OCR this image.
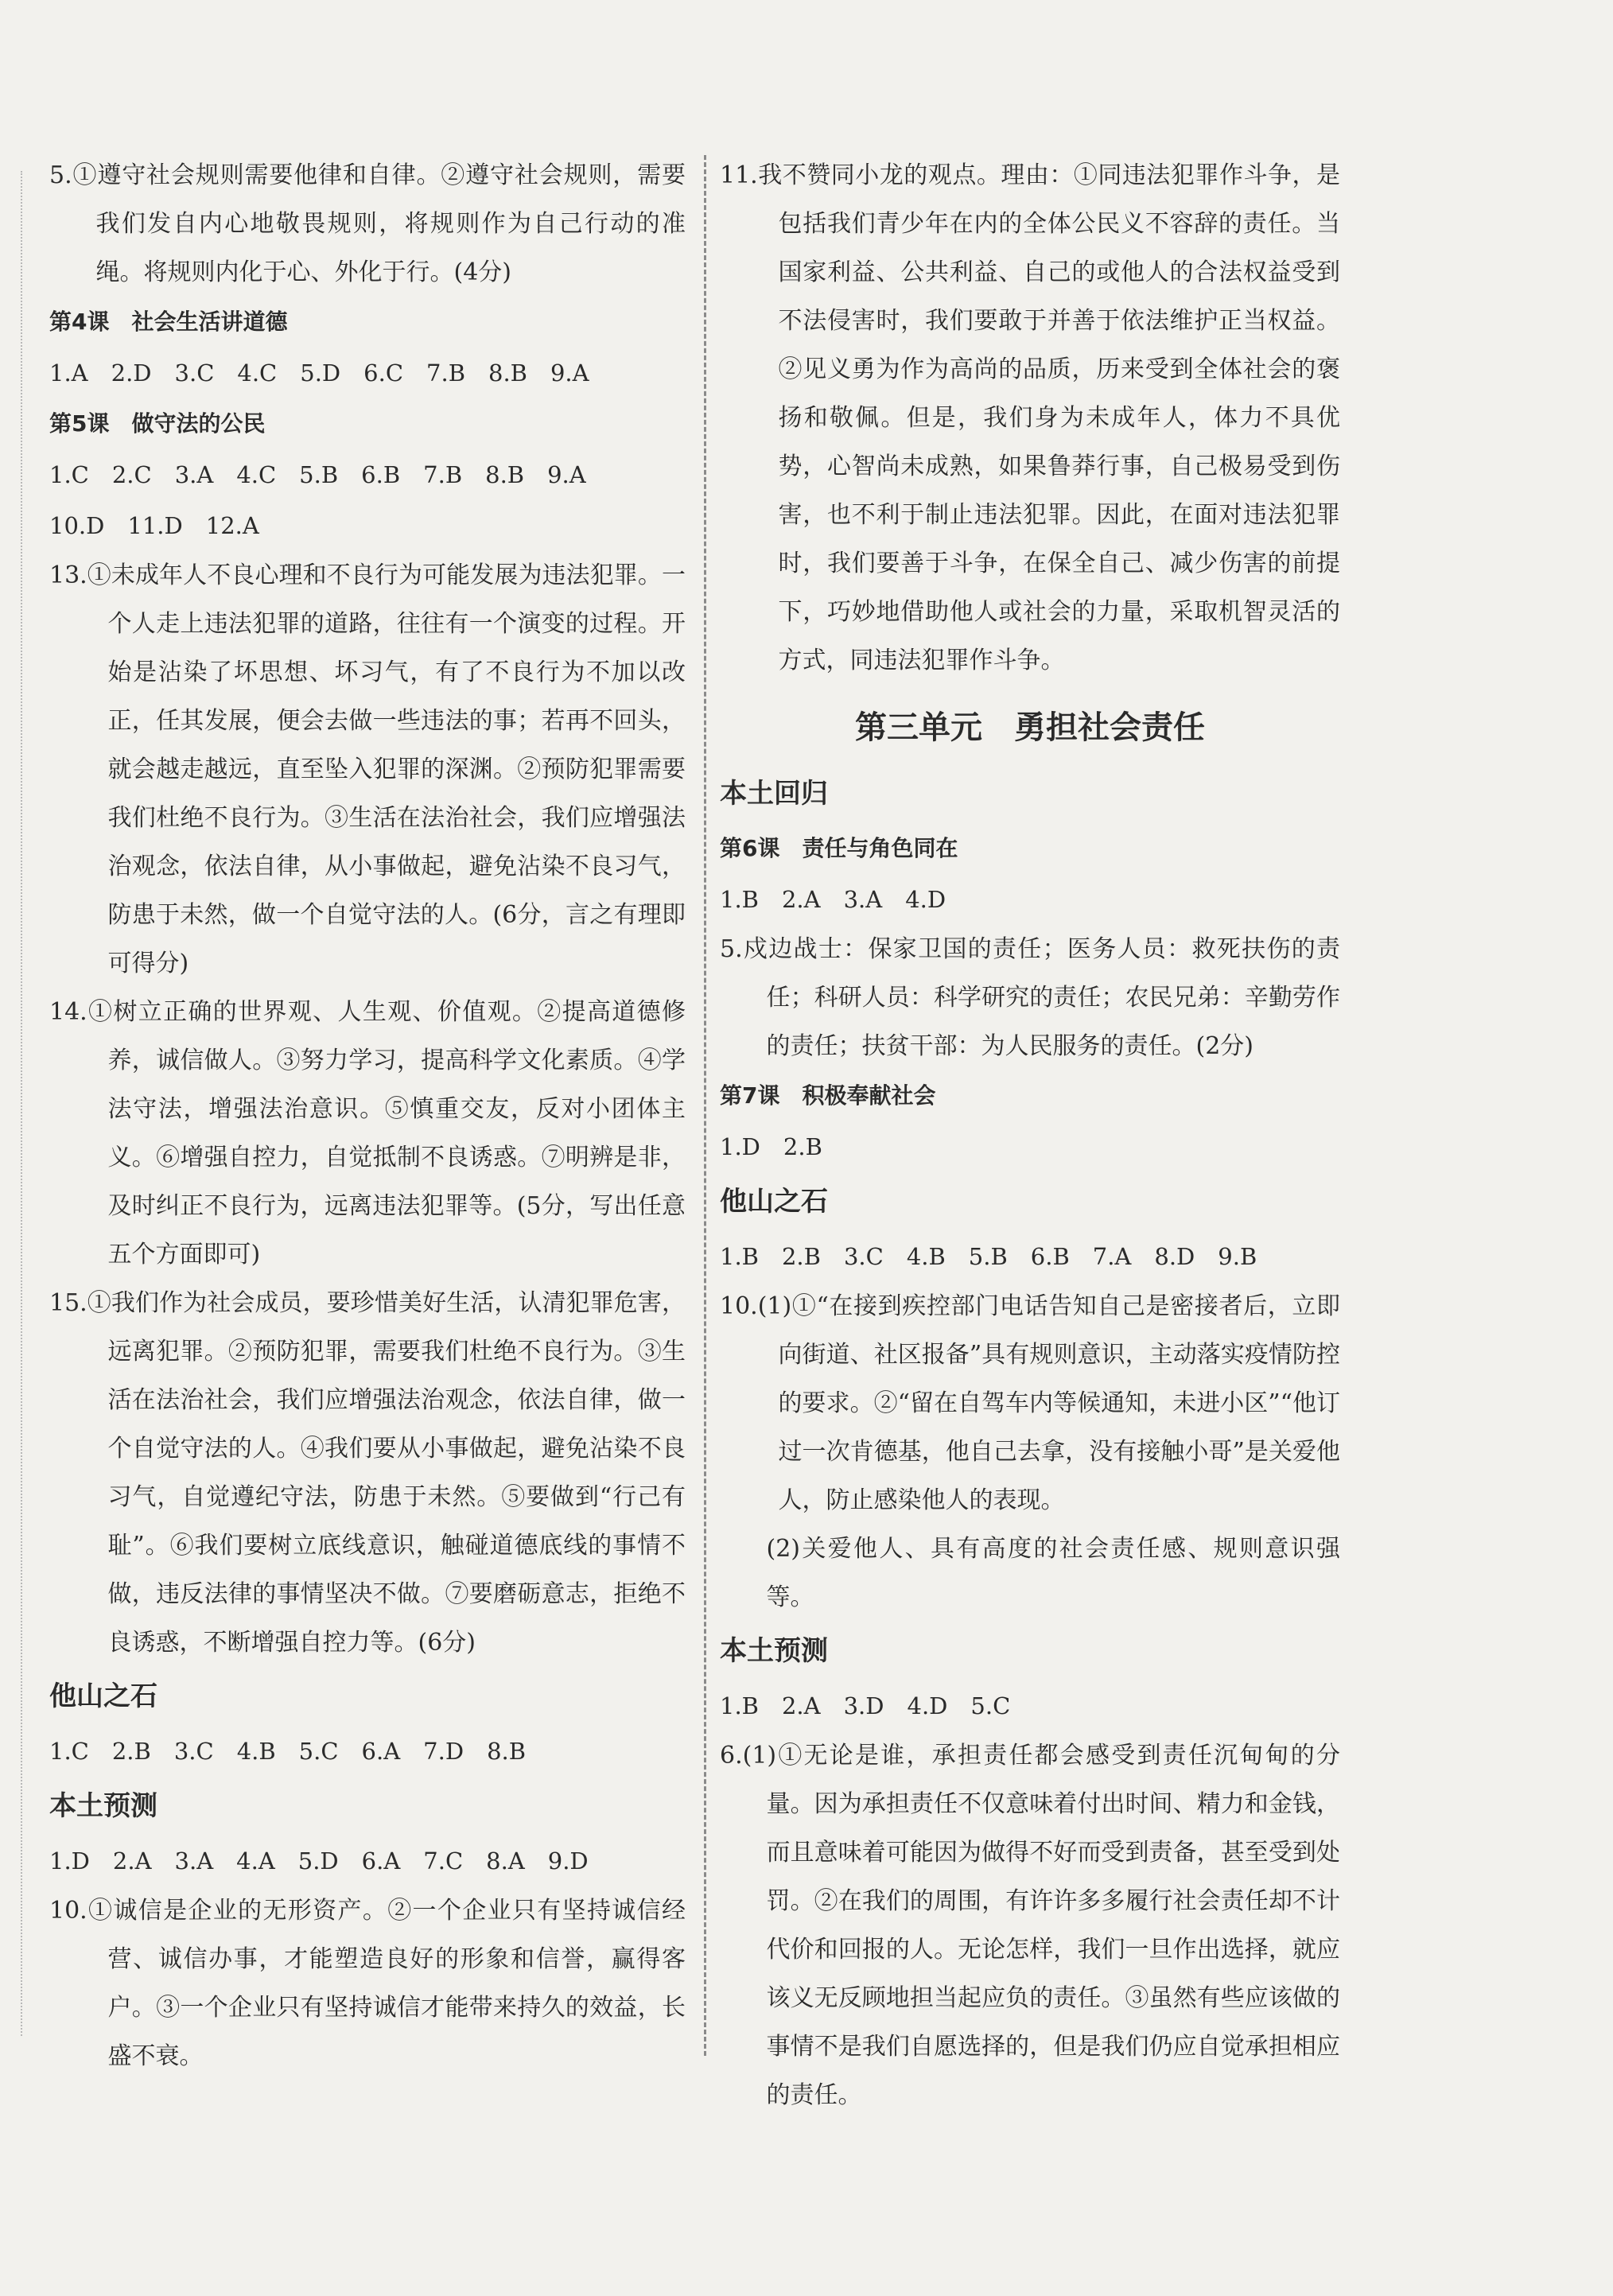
5.①遵守社会规则需要他律和自律。②遵守社会规则，需要我们发自内心地敬畏规则，将规则作为自己行动的准绳。将规则内化于心、外化于行。(4分)

第4课　社会生活讲道德

1.A　2.D　3.C　4.C　5.D　6.C　7.B　8.B　9.A

第5课　做守法的公民

1.C　2.C　3.A　4.C　5.B　6.B　7.B　8.B　9.A

10.D　11.D　12.A

13.①未成年人不良心理和不良行为可能发展为违法犯罪。一个人走上违法犯罪的道路，往往有一个演变的过程。开始是沾染了坏思想、坏习气，有了不良行为不加以改正，任其发展，便会去做一些违法的事；若再不回头，就会越走越远，直至坠入犯罪的深渊。②预防犯罪需要我们杜绝不良行为。③生活在法治社会，我们应增强法治观念，依法自律，从小事做起，避免沾染不良习气，防患于未然，做一个自觉守法的人。(6分，言之有理即可得分)

14.①树立正确的世界观、人生观、价值观。②提高道德修养，诚信做人。③努力学习，提高科学文化素质。④学法守法，增强法治意识。⑤慎重交友，反对小团体主义。⑥增强自控力，自觉抵制不良诱惑。⑦明辨是非，及时纠正不良行为，远离违法犯罪等。(5分，写出任意五个方面即可)

15.①我们作为社会成员，要珍惜美好生活，认清犯罪危害，远离犯罪。②预防犯罪，需要我们杜绝不良行为。③生活在法治社会，我们应增强法治观念，依法自律，做一个自觉守法的人。④我们要从小事做起，避免沾染不良习气，自觉遵纪守法，防患于未然。⑤要做到“行己有耻”。⑥我们要树立底线意识，触碰道德底线的事情不做，违反法律的事情坚决不做。⑦要磨砺意志，拒绝不良诱惑，不断增强自控力等。(6分)

他山之石

1.C　2.B　3.C　4.B　5.C　6.A　7.D　8.B

本土预测

1.D　2.A　3.A　4.A　5.D　6.A　7.C　8.A　9.D

10.①诚信是企业的无形资产。②一个企业只有坚持诚信经营、诚信办事，才能塑造良好的形象和信誉，赢得客户。③一个企业只有坚持诚信才能带来持久的效益，长盛不衰。

11.我不赞同小龙的观点。理由：①同违法犯罪作斗争，是包括我们青少年在内的全体公民义不容辞的责任。当国家利益、公共利益、自己的或他人的合法权益受到不法侵害时，我们要敢于并善于依法维护正当权益。②见义勇为作为高尚的品质，历来受到全体社会的褒扬和敬佩。但是，我们身为未成年人，体力不具优势，心智尚未成熟，如果鲁莽行事，自己极易受到伤害，也不利于制止违法犯罪。因此，在面对违法犯罪时，我们要善于斗争，在保全自己、减少伤害的前提下，巧妙地借助他人或社会的力量，采取机智灵活的方式，同违法犯罪作斗争。

第三单元　勇担社会责任

本土回归

第6课　责任与角色同在

1.B　2.A　3.A　4.D

5.戍边战士：保家卫国的责任；医务人员：救死扶伤的责任；科研人员：科学研究的责任；农民兄弟：辛勤劳作的责任；扶贫干部：为人民服务的责任。(2分)

第7课　积极奉献社会

1.D　2.B

他山之石

1.B　2.B　3.C　4.B　5.B　6.B　7.A　8.D　9.B

10.(1)①“在接到疾控部门电话告知自己是密接者后，立即向街道、社区报备”具有规则意识，主动落实疫情防控的要求。②“留在自驾车内等候通知，未进小区”“他订过一次肯德基，他自己去拿，没有接触小哥”是关爱他人，防止感染他人的表现。

(2)关爱他人、具有高度的社会责任感、规则意识强等。

本土预测

1.B　2.A　3.D　4.D　5.C

6.(1)①无论是谁，承担责任都会感受到责任沉甸甸的分量。因为承担责任不仅意味着付出时间、精力和金钱，而且意味着可能因为做得不好而受到责备，甚至受到处罚。②在我们的周围，有许许多多履行社会责任却不计代价和回报的人。无论怎样，我们一旦作出选择，就应该义无反顾地担当起应负的责任。③虽然有些应该做的事情不是我们自愿选择的，但是我们仍应自觉承担相应的责任。
